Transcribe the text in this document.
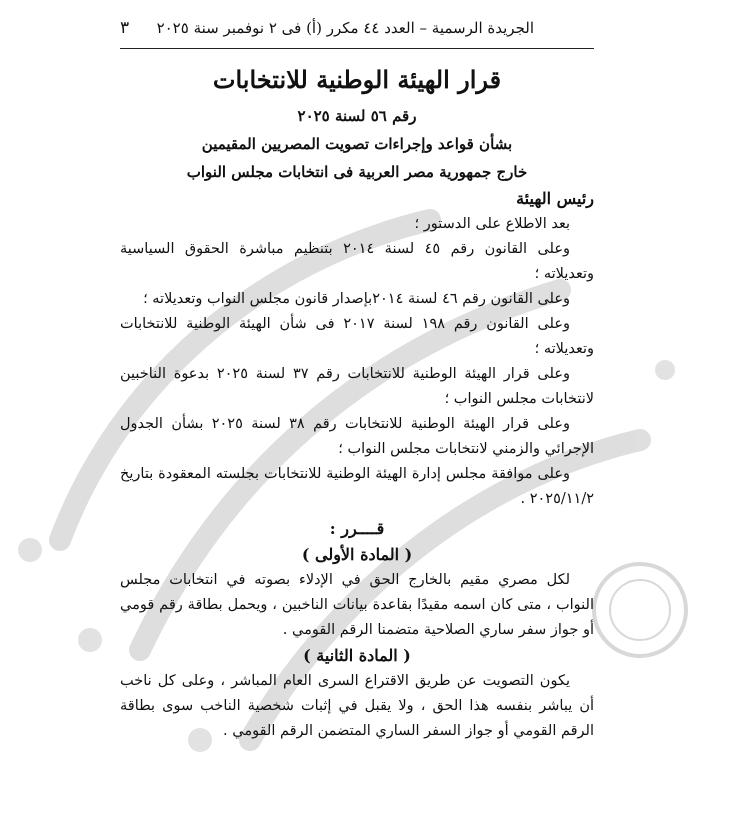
الجريدة الرسمية – العدد ٤٤ مكرر (أ) فى ٢ نوفمبر سنة ٢٠٢٥
٣
قرار الهيئة الوطنية للانتخابات
رقم ٥٦ لسنة ٢٠٢٥
بشأن قواعد وإجراءات تصويت المصريين المقيمين
خارج جمهورية مصر العربية فى انتخابات مجلس النواب
رئيس الهيئة
بعد الاطلاع على الدستور ؛
وعلى القانون رقم ٤٥ لسنة ٢٠١٤ بتنظيم مباشرة الحقوق السياسية وتعديلاته ؛
وعلى القانون رقم ٤٦ لسنة ٢٠١٤بإصدار قانون مجلس النواب وتعديلاته ؛
وعلى القانون رقم ١٩٨ لسنة ٢٠١٧ فى شأن الهيئة الوطنية للانتخابات وتعديلاته ؛
وعلى قرار الهيئة الوطنية للانتخابات رقم ٣٧ لسنة ٢٠٢٥ بدعوة الناخبين لانتخابات مجلس النواب ؛
وعلى قرار الهيئة الوطنية للانتخابات رقم ٣٨ لسنة ٢٠٢٥ بشأن الجدول الإجرائي والزمني لانتخابات مجلس النواب ؛
وعلى موافقة مجلس إدارة الهيئة الوطنية للانتخابات بجلسته المعقودة بتاريخ ٢٠٢٥/١١/٢ .
قــــرر :
( المادة الأولى )
لكل مصري مقيم بالخارج الحق في الإدلاء بصوته في انتخابات مجلس النواب ، متى كان اسمه مقيدًا بقاعدة بيانات الناخبين ، ويحمل بطاقة رقم قومي أو جواز سفر ساري الصلاحية متضمنا الرقم القومي .
( المادة الثانية )
يكون التصويت عن طريق الاقتراع السرى العام المباشر ، وعلى كل ناخب أن يباشر بنفسه هذا الحق ، ولا يقبل في إثبات شخصية الناخب سوى بطاقة الرقم القومي أو جواز السفر الساري المتضمن الرقم القومي .
